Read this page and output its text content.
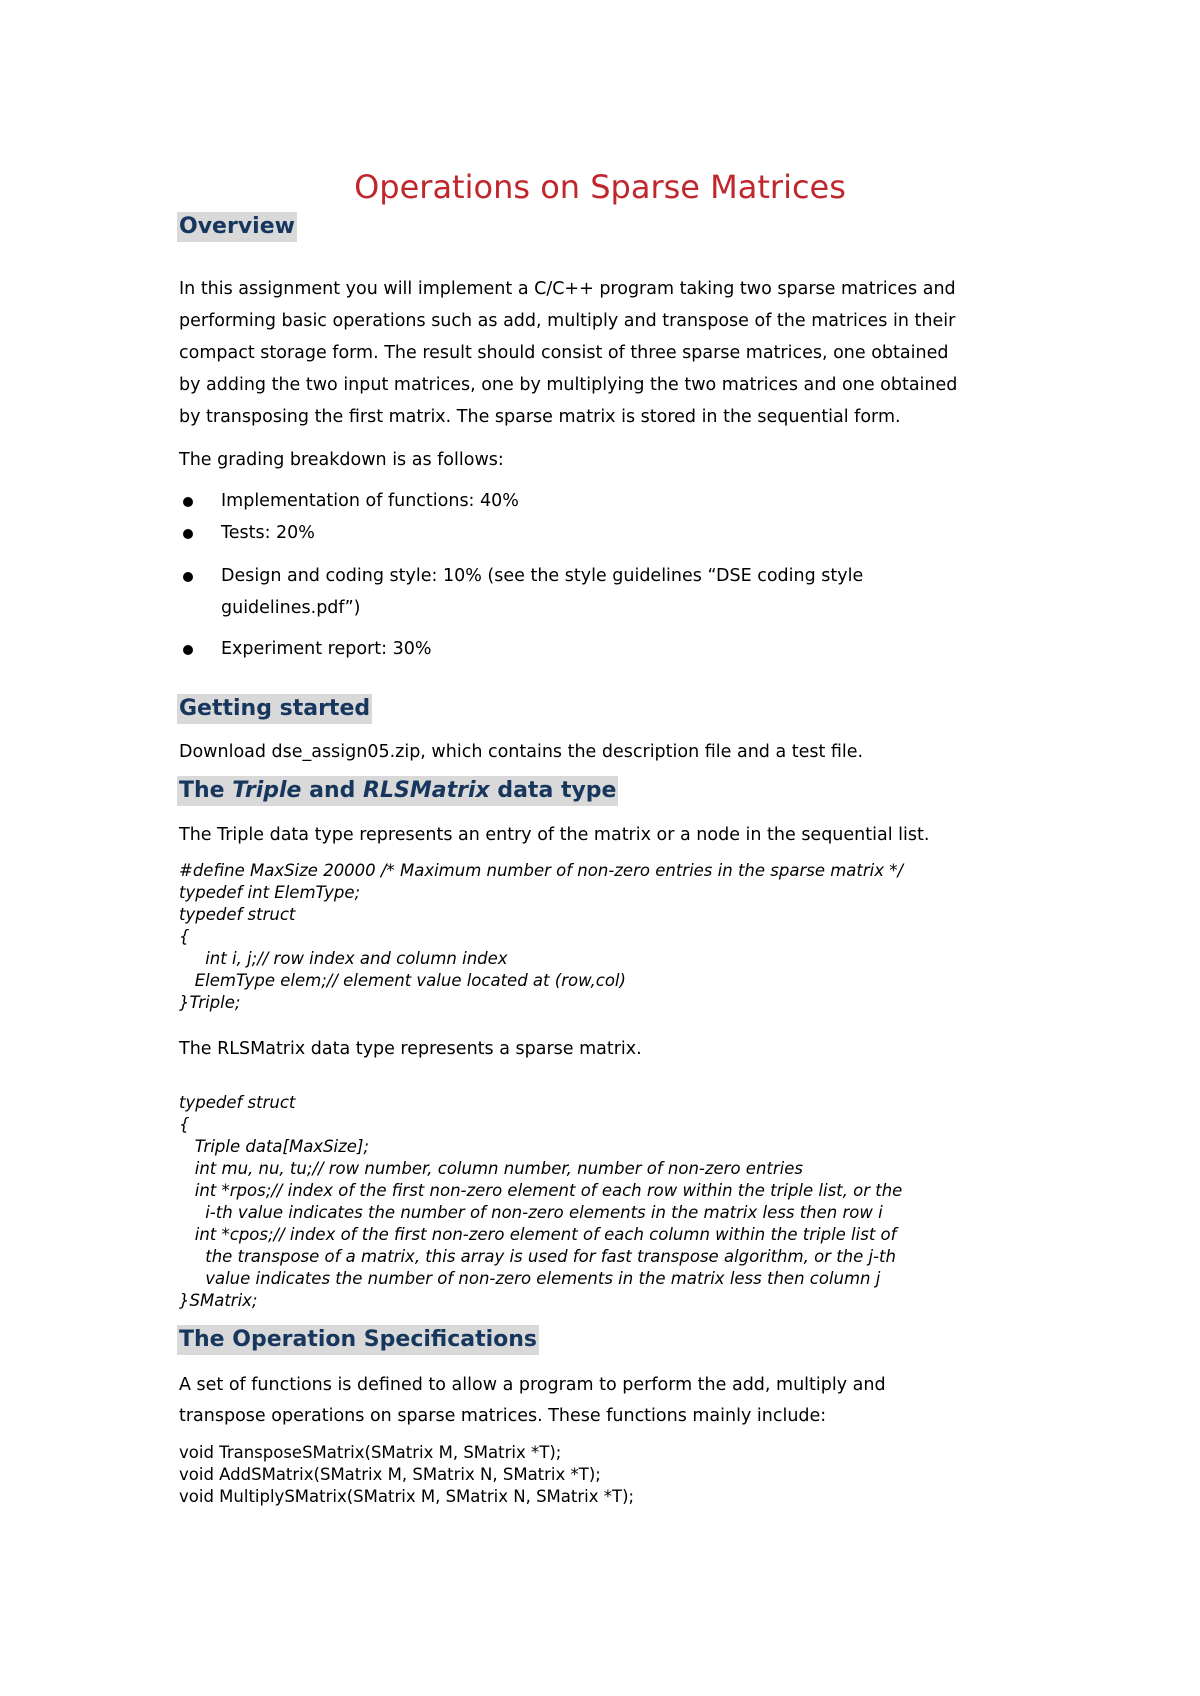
Operations on Sparse Matrices
Overview

In this assignment you will implement a C/C++ program taking two sparse matrices and

performing basic operations such as add, multiply and transpose of the matrices in their

compact storage form. The result should consist of three sparse matrices, one obtained

by adding the two input matrices, one by multiplying the two matrices and one obtained

by transposing the first matrix. The sparse matrix is stored in the sequential form.

The grading breakdown is as follows:

Implementation of functions: 40%
Tests: 20%
Design and coding style: 10% (see the style guidelines “DSE coding style
guidelines.pdf”)
Experiment report: 30%
Getting started

Download dse_assign05.zip, which contains the description file and a test file.

The Triple and RLSMatrix data type

The Triple data type represents an entry of the matrix or a node in the sequential list.

#define MaxSize 20000 /* Maximum number of non-zero entries in the sparse matrix */
typedef int ElemType;
typedef struct
{
int i, j;// row index and column index
ElemType elem;// element value located at (row,col)
}Triple;

The RLSMatrix data type represents a sparse matrix.

typedef struct
{
Triple data[MaxSize];
int mu, nu, tu;// row number, column number, number of non-zero entries
int *rpos;// index of the first non-zero element of each row within the triple list, or the
i-th value indicates the number of non-zero elements in the matrix less then row i
int *cpos;// index of the first non-zero element of each column within the triple list of
the transpose of a matrix, this array is used for fast transpose algorithm, or the j-th
value indicates the number of non-zero elements in the matrix less then column j
}SMatrix;
The Operation Specifications

A set of functions is defined to allow a program to perform the add, multiply and

transpose operations on sparse matrices. These functions mainly include:

void TransposeSMatrix(SMatrix M, SMatrix *T);
void AddSMatrix(SMatrix M, SMatrix N, SMatrix *T);
void MultiplySMatrix(SMatrix M, SMatrix N, SMatrix *T);
